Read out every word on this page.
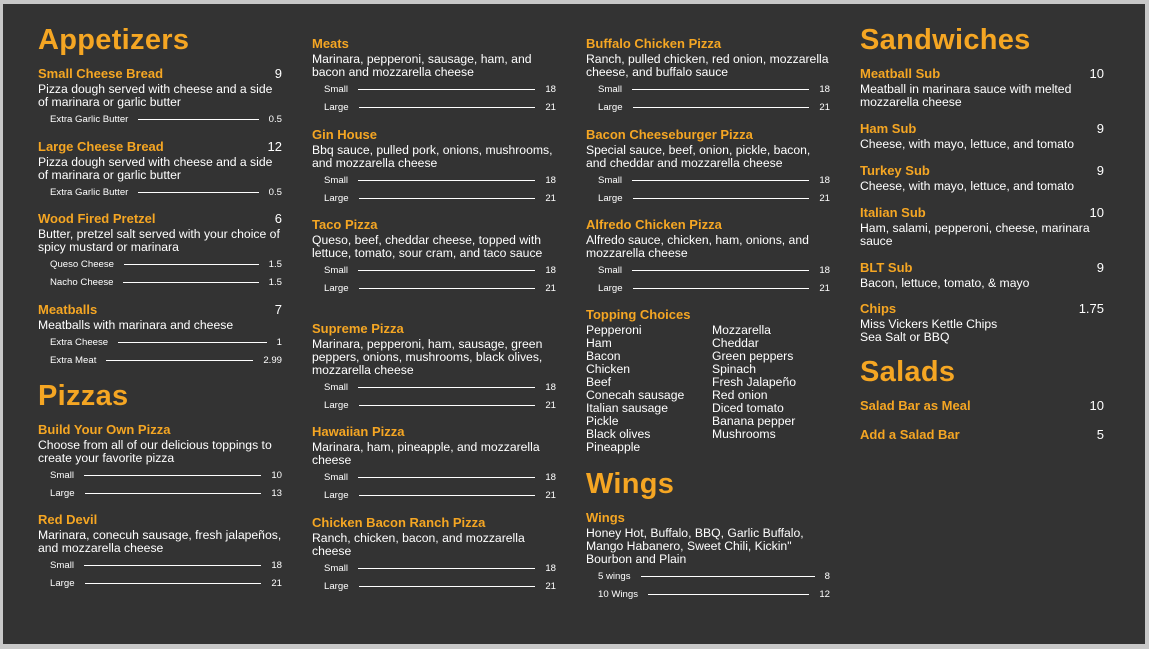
Appetizers
Small Cheese Bread	9
Pizza dough served with cheese and a side of marinara or garlic butter
Extra Garlic Butter	0.5
Large Cheese Bread	12
Pizza dough served with cheese and a side of marinara or garlic butter
Extra Garlic Butter	0.5
Wood Fired Pretzel	6
Butter, pretzel salt served with your choice of spicy mustard or marinara
Queso Cheese	1.5
Nacho Cheese	1.5
Meatballs	7
Meatballs with marinara and cheese
Extra Cheese	1
Extra Meat	2.99
Pizzas
Build Your Own Pizza
Choose from all of our delicious toppings to create your favorite pizza
Small	10
Large	13
Red Devil
Marinara, conecuh sausage, fresh jalapeños, and mozzarella cheese
Small	18
Large	21
Meats
Marinara, pepperoni, sausage, ham, and bacon and mozzarella cheese
Small	18
Large	21
Gin House
Bbq sauce, pulled pork, onions, mushrooms, and mozzarella cheese
Small	18
Large	21
Taco Pizza
Queso, beef, cheddar cheese, topped with lettuce, tomato, sour cram, and taco sauce
Small	18
Large	21
Supreme Pizza
Marinara, pepperoni, ham, sausage, green peppers, onions, mushrooms, black olives, mozzarella cheese
Small	18
Large	21
Hawaiian Pizza
Marinara, ham, pineapple, and mozzarella cheese
Small	18
Large	21
Chicken Bacon Ranch Pizza
Ranch, chicken, bacon, and mozzarella cheese
Small	18
Large	21
Buffalo Chicken Pizza
Ranch, pulled chicken, red onion, mozzarella cheese, and buffalo sauce
Small	18
Large	21
Bacon Cheeseburger Pizza
Special sauce, beef, onion, pickle, bacon, and cheddar and mozzarella cheese
Small	18
Large	21
Alfredo Chicken Pizza
Alfredo sauce, chicken, ham, onions, and mozzarella cheese
Small	18
Large	21
Topping Choices
Pepperoni
Ham
Bacon
Chicken
Beef
Conecah sausage
Italian sausage
Pickle
Black olives
Pineapple
Mozzarella
Cheddar
Green peppers
Spinach
Fresh Jalapeño
Red onion
Diced tomato
Banana pepper
Mushrooms
Wings
Wings
Honey Hot, Buffalo, BBQ, Garlic Buffalo, Mango Habanero, Sweet Chili, Kickin" Bourbon and Plain
5 wings	8
10 Wings	12
Sandwiches
Meatball Sub	10
Meatball in marinara sauce with melted mozzarella cheese
Ham Sub	9
Cheese, with mayo, lettuce, and tomato
Turkey Sub	9
Cheese, with mayo, lettuce, and tomato
Italian Sub	10
Ham, salami, pepperoni, cheese, marinara sauce
BLT Sub	9
Bacon, lettuce, tomato, & mayo
Chips	1.75
Miss Vickers Kettle Chips
Sea Salt or BBQ
Salads
Salad Bar as Meal	10
Add a Salad Bar	5
